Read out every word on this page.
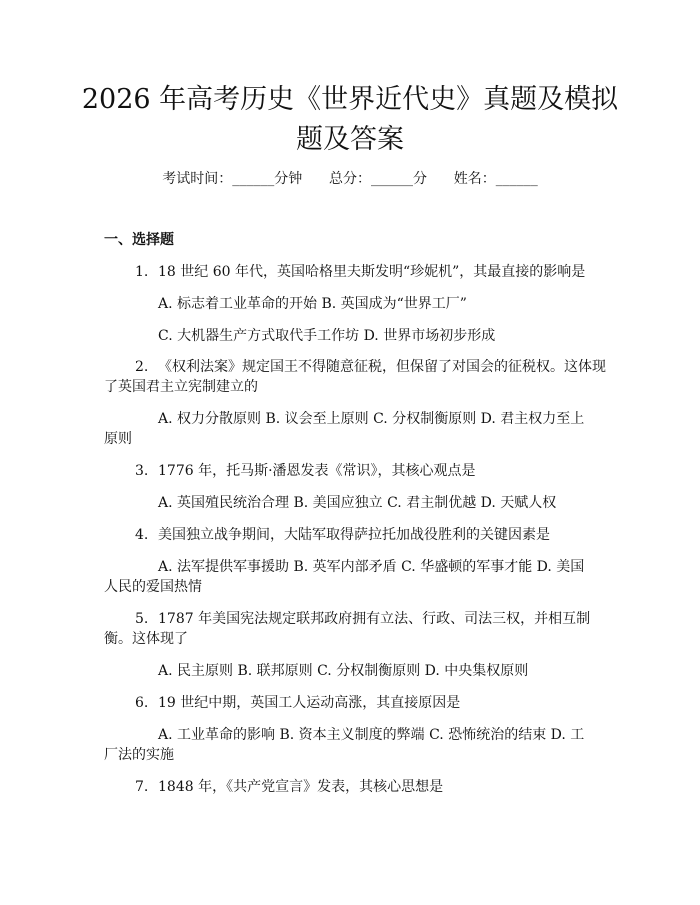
2026 年高考历史《世界近代史》真题及模拟
题及答案
考试时间：______分钟      总分：______分      姓名：______
一、选择题
1. 18 世纪 60 年代，英国哈格里夫斯发明“珍妮机”，其最直接的影响是
A. 标志着工业革命的开始 B. 英国成为“世界工厂”
C. 大机器生产方式取代手工作坊 D. 世界市场初步形成
2. 《权利法案》规定国王不得随意征税，但保留了对国会的征税权。这体现
了英国君主立宪制建立的
A. 权力分散原则 B. 议会至上原则 C. 分权制衡原则 D. 君主权力至上
原则
3. 1776 年，托马斯·潘恩发表《常识》，其核心观点是
A. 英国殖民统治合理 B. 美国应独立 C. 君主制优越 D. 天赋人权
4. 美国独立战争期间，大陆军取得萨拉托加战役胜利的关键因素是
A. 法军提供军事援助 B. 英军内部矛盾 C. 华盛顿的军事才能 D. 美国
人民的爱国热情
5. 1787 年美国宪法规定联邦政府拥有立法、行政、司法三权，并相互制
衡。这体现了
A. 民主原则 B. 联邦原则 C. 分权制衡原则 D. 中央集权原则
6. 19 世纪中期，英国工人运动高涨，其直接原因是
A. 工业革命的影响 B. 资本主义制度的弊端 C. 恐怖统治的结束 D. 工
厂法的实施
7. 1848 年，《共产党宣言》发表，其核心思想是
